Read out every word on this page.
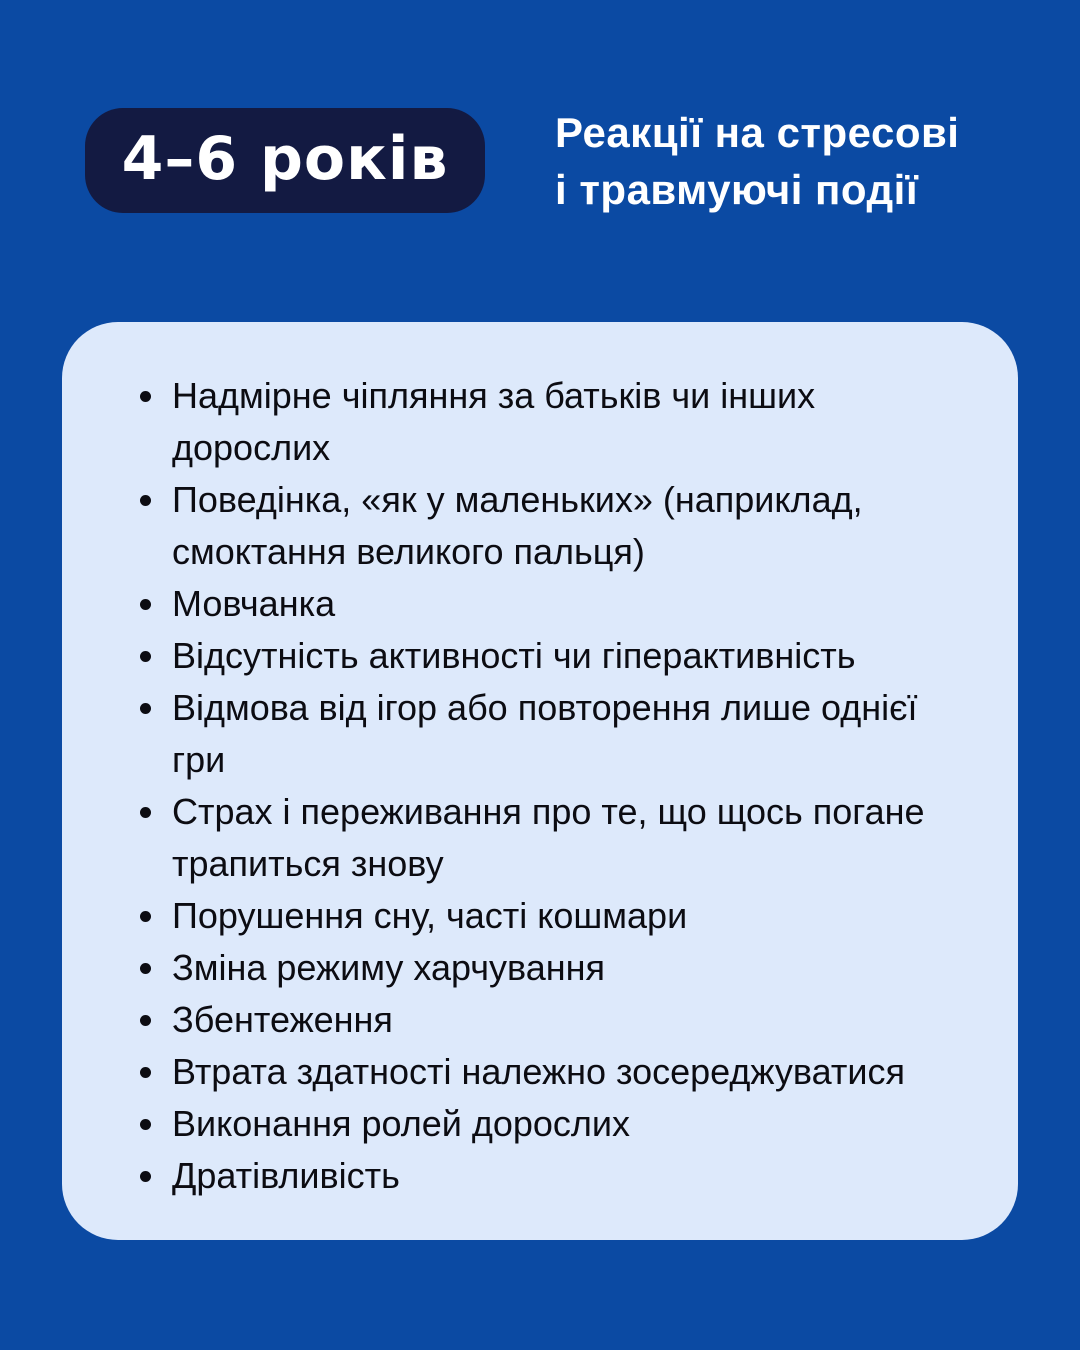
4–6 років	Реакції на стресові
і травмуючі події
Надмірне чіпляння за батьків чи інших дорослих
Поведінка, «як у маленьких» (наприклад, смоктання великого пальця)
Мовчанка
Відсутність активності чи гіперактивність
Відмова від ігор або повторення лише однієї гри
Страх і переживання про те, що щось погане трапиться знову
Порушення сну, часті кошмари
Зміна режиму харчування
Збентеження
Втрата здатності належно зосереджуватися
Виконання ролей дорослих
Дратівливість
